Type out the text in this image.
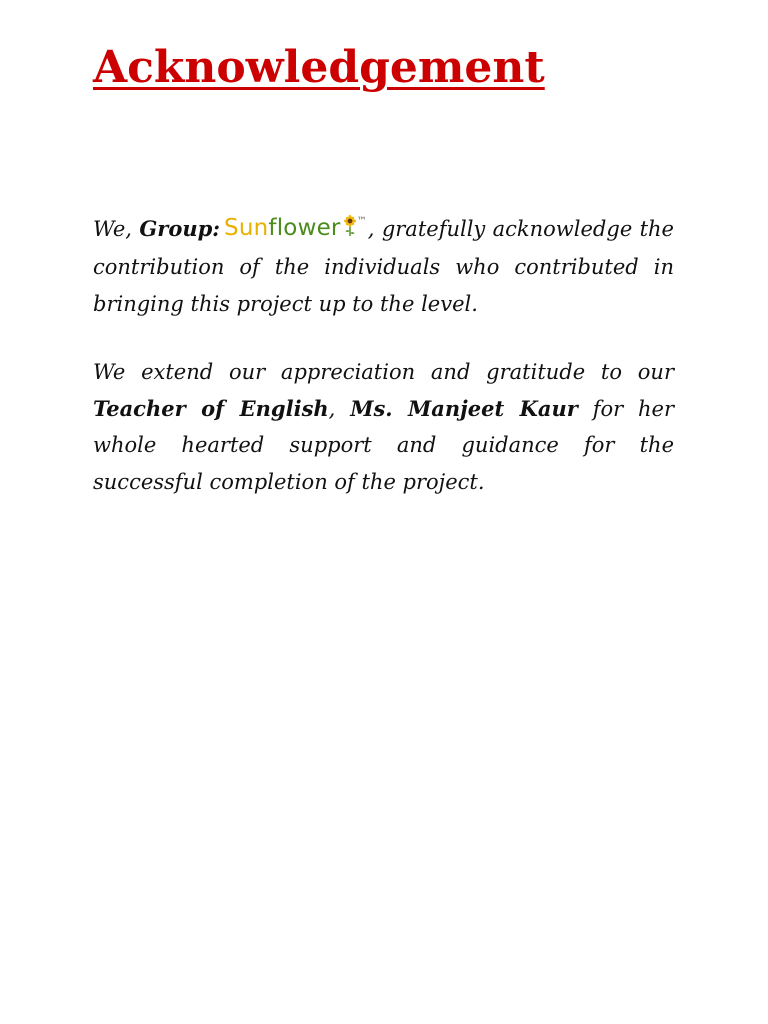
Acknowledgement

We, Group: Sunflower ™, gratefully acknowledge the contribution of the individuals who contributed in bringing this project up to the level.

We extend our appreciation and gratitude to our Teacher of English, Ms. Manjeet Kaur for her whole hearted support and guidance for the successful completion of the project.
